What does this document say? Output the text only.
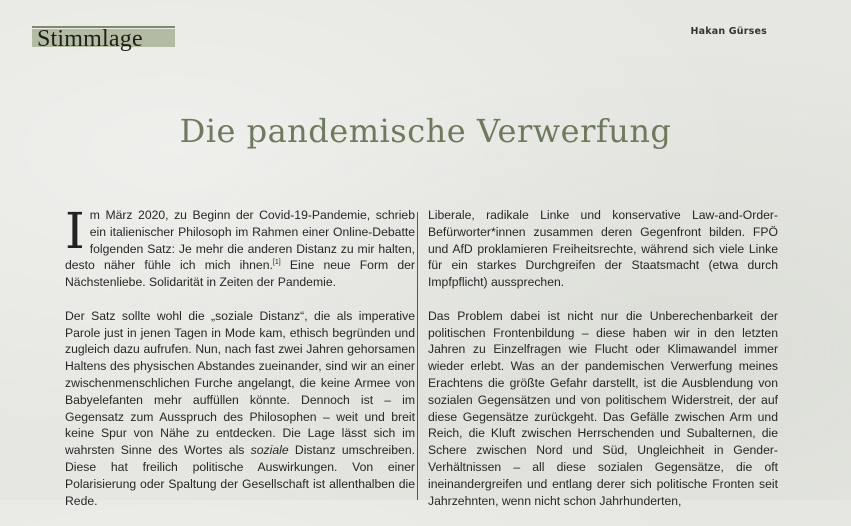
Stimmlage	Hakan Gürses
Die pandemische Verwerfung

Im März 2020, zu Beginn der Covid-19-Pandemie, schrieb ein italienischer Philosoph im Rahmen einer Online-Debatte folgenden Satz: Je mehr die anderen Distanz zu mir halten, desto näher fühle ich mich ihnen.[1] Eine neue Form der Nächstenliebe. Solidarität in Zeiten der Pandemie.

Der Satz sollte wohl die „soziale Distanz“, die als imperative Parole just in jenen Tagen in Mode kam, ethisch begründen und zugleich dazu aufrufen. Nun, nach fast zwei Jahren gehorsamen Haltens des physischen Abstandes zueinander, sind wir an einer zwischenmenschlichen Furche angelangt, die keine Armee von Babyelefanten mehr auffüllen könnte. Dennoch ist – im Gegensatz zum Ausspruch des Philosophen – weit und breit keine Spur von Nähe zu entdecken. Die Lage lässt sich im wahrsten Sinne des Wortes als soziale Distanz umschreiben. Diese hat freilich politische Auswirkungen. Von einer Polarisierung oder Spaltung der Gesellschaft ist allenthalben die Rede.

Liberale, radikale Linke und konservative Law-and-Order-Befürworter*innen zusammen deren Gegenfront bilden. FPÖ und AfD proklamieren Freiheitsrechte, während sich viele Linke für ein starkes Durchgreifen der Staatsmacht (etwa durch Impfpflicht) aussprechen.

Das Problem dabei ist nicht nur die Unberechenbarkeit der politischen Frontenbildung – diese haben wir in den letzten Jahren zu Einzelfragen wie Flucht oder Klimawandel immer wieder erlebt. Was an der pandemischen Verwerfung meines Erachtens die größte Gefahr darstellt, ist die Ausblendung von sozialen Gegensätzen und von politischem Widerstreit, der auf diese Gegensätze zurückgeht. Das Gefälle zwischen Arm und Reich, die Kluft zwischen Herrschenden und Subalternen, die Schere zwischen Nord und Süd, Ungleichheit in Gender-Verhältnissen – all diese sozialen Gegensätze, die oft ineinandergreifen und entlang derer sich politische Fronten seit Jahrzehnten, wenn nicht schon Jahrhunderten,
